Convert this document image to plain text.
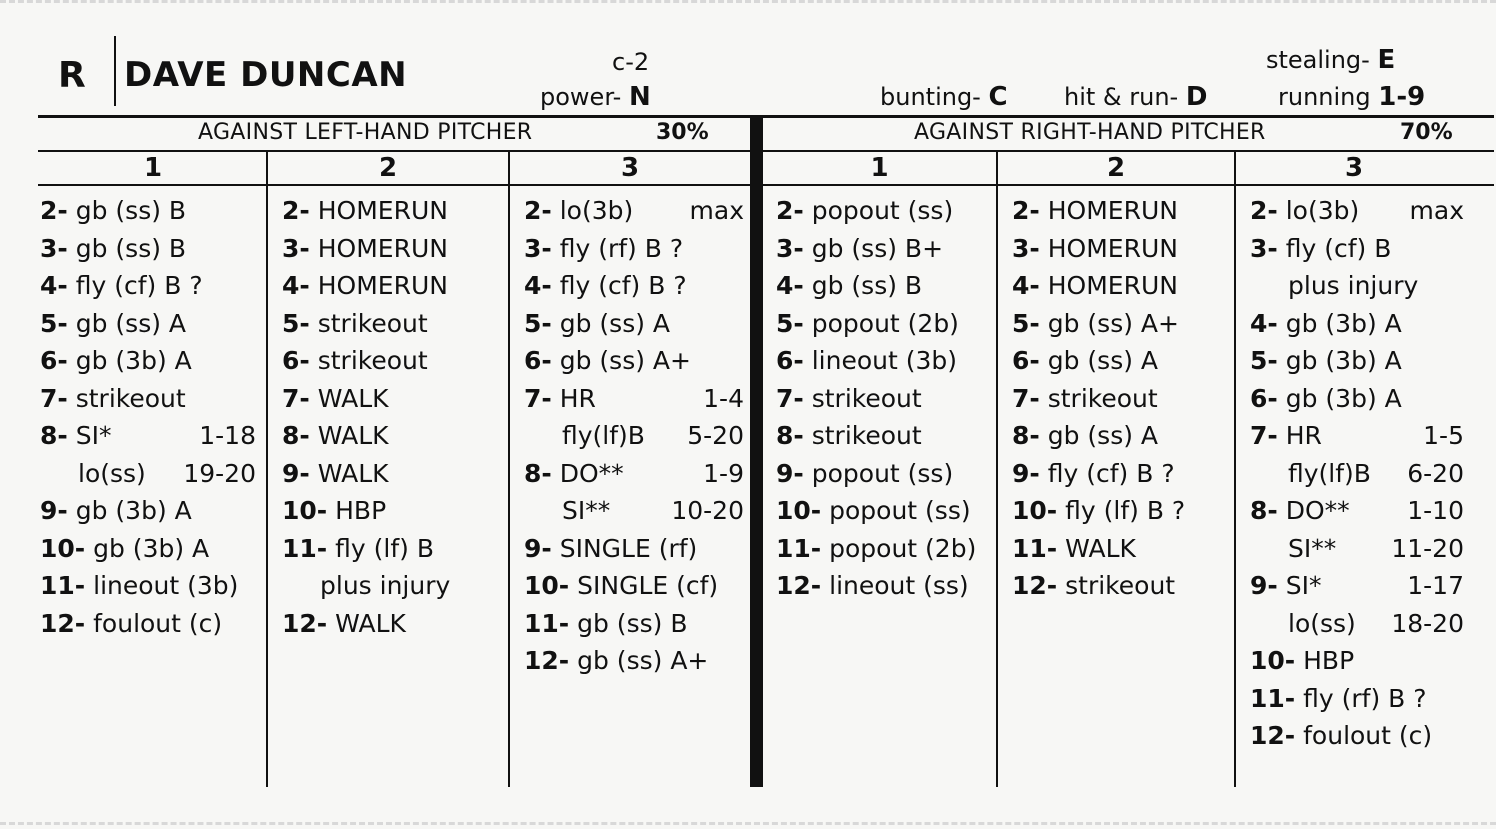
R DAVE DUNCAN	c-2
power- N	bunting- C hit & run- D
stealing- E
running 1-9
AGAINST LEFT-HAND PITCHER	30%	AGAINST RIGHT-HAND PITCHER	70%
1	2	3	1	2	3
2- gb (ss) B
3- gb (ss) B
4- fly (cf) B ?
5- gb (ss) A
6- gb (3b) A
7- strikeout
8- SI*	1-18
lo(ss) 19-20
9- gb (3b) A
10- gb (3b) A
11- lineout (3b)
12- foulout (c)
2- HOMERUN
3- HOMERUN
4- HOMERUN
5- strikeout
6- strikeout
7- WALK
8- WALK
9- WALK
10- HBP
11- fly (lf) B
plus injury
12- WALK
2- lo(3b) max
3- fly (rf) B ?
4- fly (cf) B ?
5- gb (ss) A
6- gb (ss) A+
7- HR	1-4
fly(lf)B 5-20
8- DO**	1-9
SI** 10-20
9- SINGLE (rf)
10- SINGLE (cf)
11- gb (ss) B
12- gb (ss) A+
2- popout (ss)
3- gb (ss) B+
4- gb (ss) B
5- popout (2b)
6- lineout (3b)
7- strikeout
8- strikeout
9- popout (ss)
10- popout (ss)
11- popout (2b)
12- lineout (ss)
2- HOMERUN
3- HOMERUN
4- HOMERUN
5- gb (ss) A+
6- gb (ss) A
7- strikeout
8- gb (ss) A
9- fly (cf) B ?
10- fly (lf) B ?
11- WALK
12- strikeout
2- lo(3b) max
3- fly (cf) B
plus injury
4- gb (3b) A
5- gb (3b) A
6- gb (3b) A
7- HR	1-5
fly(lf)B 6-20
8- DO** 1-10
SI** 11-20
9- SI*	1-17
lo(ss) 18-20
10- HBP
11- fly (rf) B ?
12- foulout (c)
